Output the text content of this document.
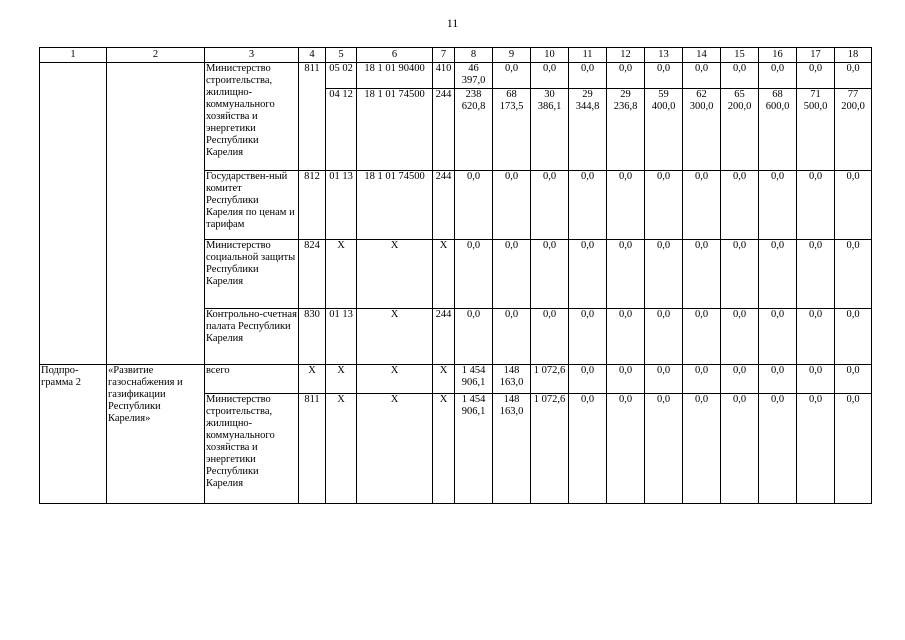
11
1	2	3	4	5	6	7	8	9	10	11	12	13	14	15	16	17	18
		Министерство строительства, жилищно-коммунального хозяйства и энергетики Республики Карелия	811	05 02	18 1 01 90400	410	46 397,0	0,0	0,0	0,0	0,0	0,0	0,0	0,0	0,0	0,0	0,0
				04 12	18 1 01 74500	244	238 620,8	68 173,5	30 386,1	29 344,8	29 236,8	59 400,0	62 300,0	65 200,0	68 600,0	71 500,0	77 200,0
		Государствен-ный комитет Республики Карелия по ценам и тарифам	812	01 13	18 1 01 74500	244	0,0	0,0	0,0	0,0	0,0	0,0	0,0	0,0	0,0	0,0	0,0
		Министерство социальной защиты Республики Карелия	824	Х	Х	Х	0,0	0,0	0,0	0,0	0,0	0,0	0,0	0,0	0,0	0,0	0,0
		Контрольно-счетная палата Республики Карелия	830	01 13	Х	244	0,0	0,0	0,0	0,0	0,0	0,0	0,0	0,0	0,0	0,0	0,0
Подпро-грамма 2	«Развитие газоснабжения и газификации Республики Карелия»	всего	Х	Х	Х	Х	1 454 906,1	148 163,0	1 072,6	0,0	0,0	0,0	0,0	0,0	0,0	0,0	0,0
		Министерство строительства, жилищно-коммунального хозяйства и энергетики Республики Карелия	811	Х	Х	Х	1 454 906,1	148 163,0	1 072,6	0,0	0,0	0,0	0,0	0,0	0,0	0,0	0,0
